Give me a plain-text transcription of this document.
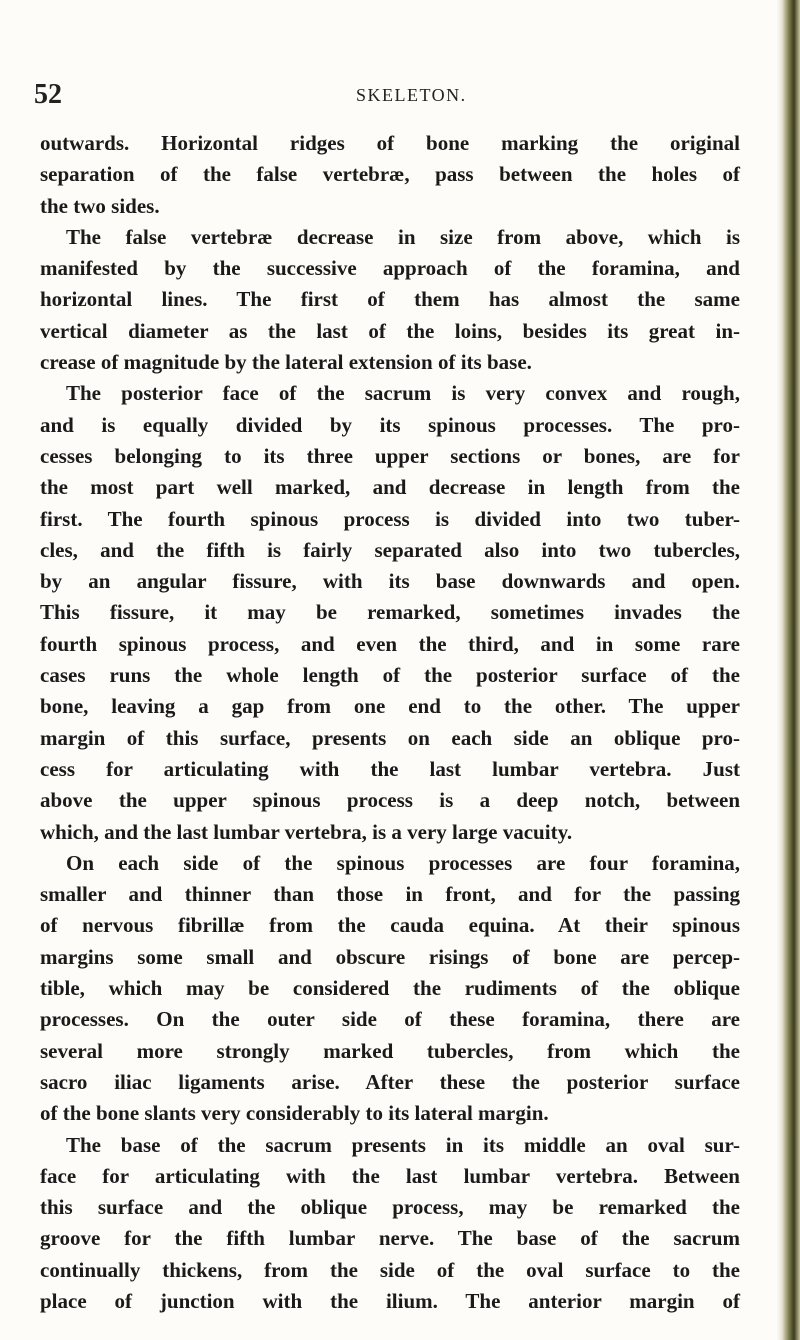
52	SKELETON.
outwards. Horizontal ridges of bone marking the original
separation of the false vertebræ, pass between the holes of
the two sides.
The false vertebræ decrease in size from above, which is
manifested by the successive approach of the foramina, and
horizontal lines. The first of them has almost the same
vertical diameter as the last of the loins, besides its great in-
crease of magnitude by the lateral extension of its base.
The posterior face of the sacrum is very convex and rough,
and is equally divided by its spinous processes. The pro-
cesses belonging to its three upper sections or bones, are for
the most part well marked, and decrease in length from the
first. The fourth spinous process is divided into two tuber-
cles, and the fifth is fairly separated also into two tubercles,
by an angular fissure, with its base downwards and open.
This fissure, it may be remarked, sometimes invades the
fourth spinous process, and even the third, and in some rare
cases runs the whole length of the posterior surface of the
bone, leaving a gap from one end to the other. The upper
margin of this surface, presents on each side an oblique pro-
cess for articulating with the last lumbar vertebra. Just
above the upper spinous process is a deep notch, between
which, and the last lumbar vertebra, is a very large vacuity.
On each side of the spinous processes are four foramina,
smaller and thinner than those in front, and for the passing
of nervous fibrillæ from the cauda equina. At their spinous
margins some small and obscure risings of bone are percep-
tible, which may be considered the rudiments of the oblique
processes. On the outer side of these foramina, there are
several more strongly marked tubercles, from which the
sacro iliac ligaments arise. After these the posterior surface
of the bone slants very considerably to its lateral margin.
The base of the sacrum presents in its middle an oval sur-
face for articulating with the last lumbar vertebra. Between
this surface and the oblique process, may be remarked the
groove for the fifth lumbar nerve. The base of the sacrum
continually thickens, from the side of the oval surface to the
place of junction with the ilium. The anterior margin of
